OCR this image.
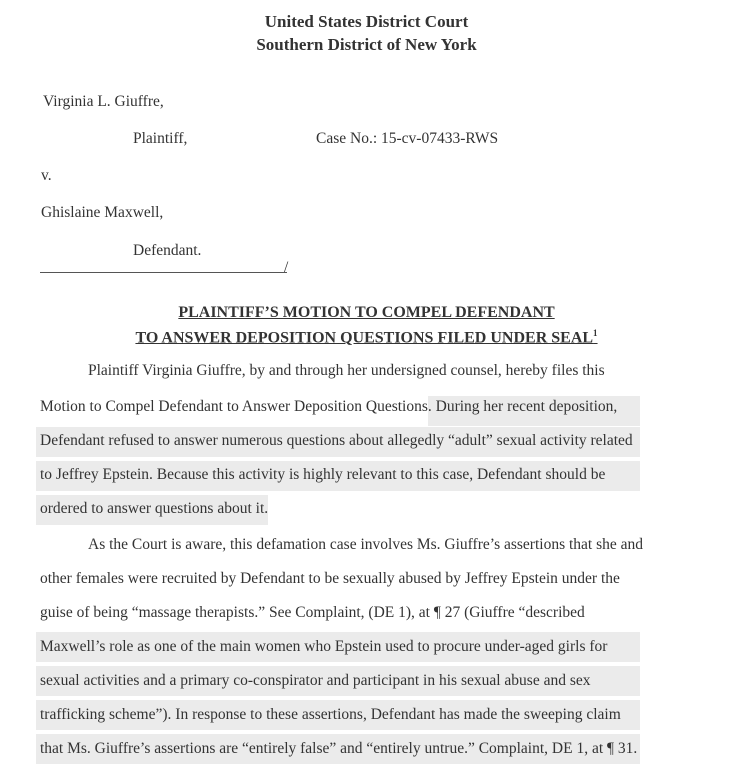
United States District Court
Southern District of New York
Virginia L. Giuffre,
Plaintiff,	Case No.: 15-cv-07433-RWS
v.
Ghislaine Maxwell,
Defendant.
/
PLAINTIFF’S MOTION TO COMPEL DEFENDANT
TO ANSWER DEPOSITION QUESTIONS FILED UNDER SEAL$^1$
Plaintiff Virginia Giuffre, by and through her undersigned counsel, hereby files this
Motion to Compel Defendant to Answer Deposition Questions. During her recent deposition,
Defendant refused to answer numerous questions about allegedly “adult” sexual activity related
to Jeffrey Epstein. Because this activity is highly relevant to this case, Defendant should be
ordered to answer questions about it.
As the Court is aware, this defamation case involves Ms. Giuffre’s assertions that she and
other females were recruited by Defendant to be sexually abused by Jeffrey Epstein under the
guise of being “massage therapists.” See Complaint, (DE 1), at ¶ 27 (Giuffre “described
Maxwell’s role as one of the main women who Epstein used to procure under-aged girls for
sexual activities and a primary co-conspirator and participant in his sexual abuse and sex
trafficking scheme”). In response to these assertions, Defendant has made the sweeping claim
that Ms. Giuffre’s assertions are “entirely false” and “entirely untrue.” Complaint, DE 1, at ¶ 31.
